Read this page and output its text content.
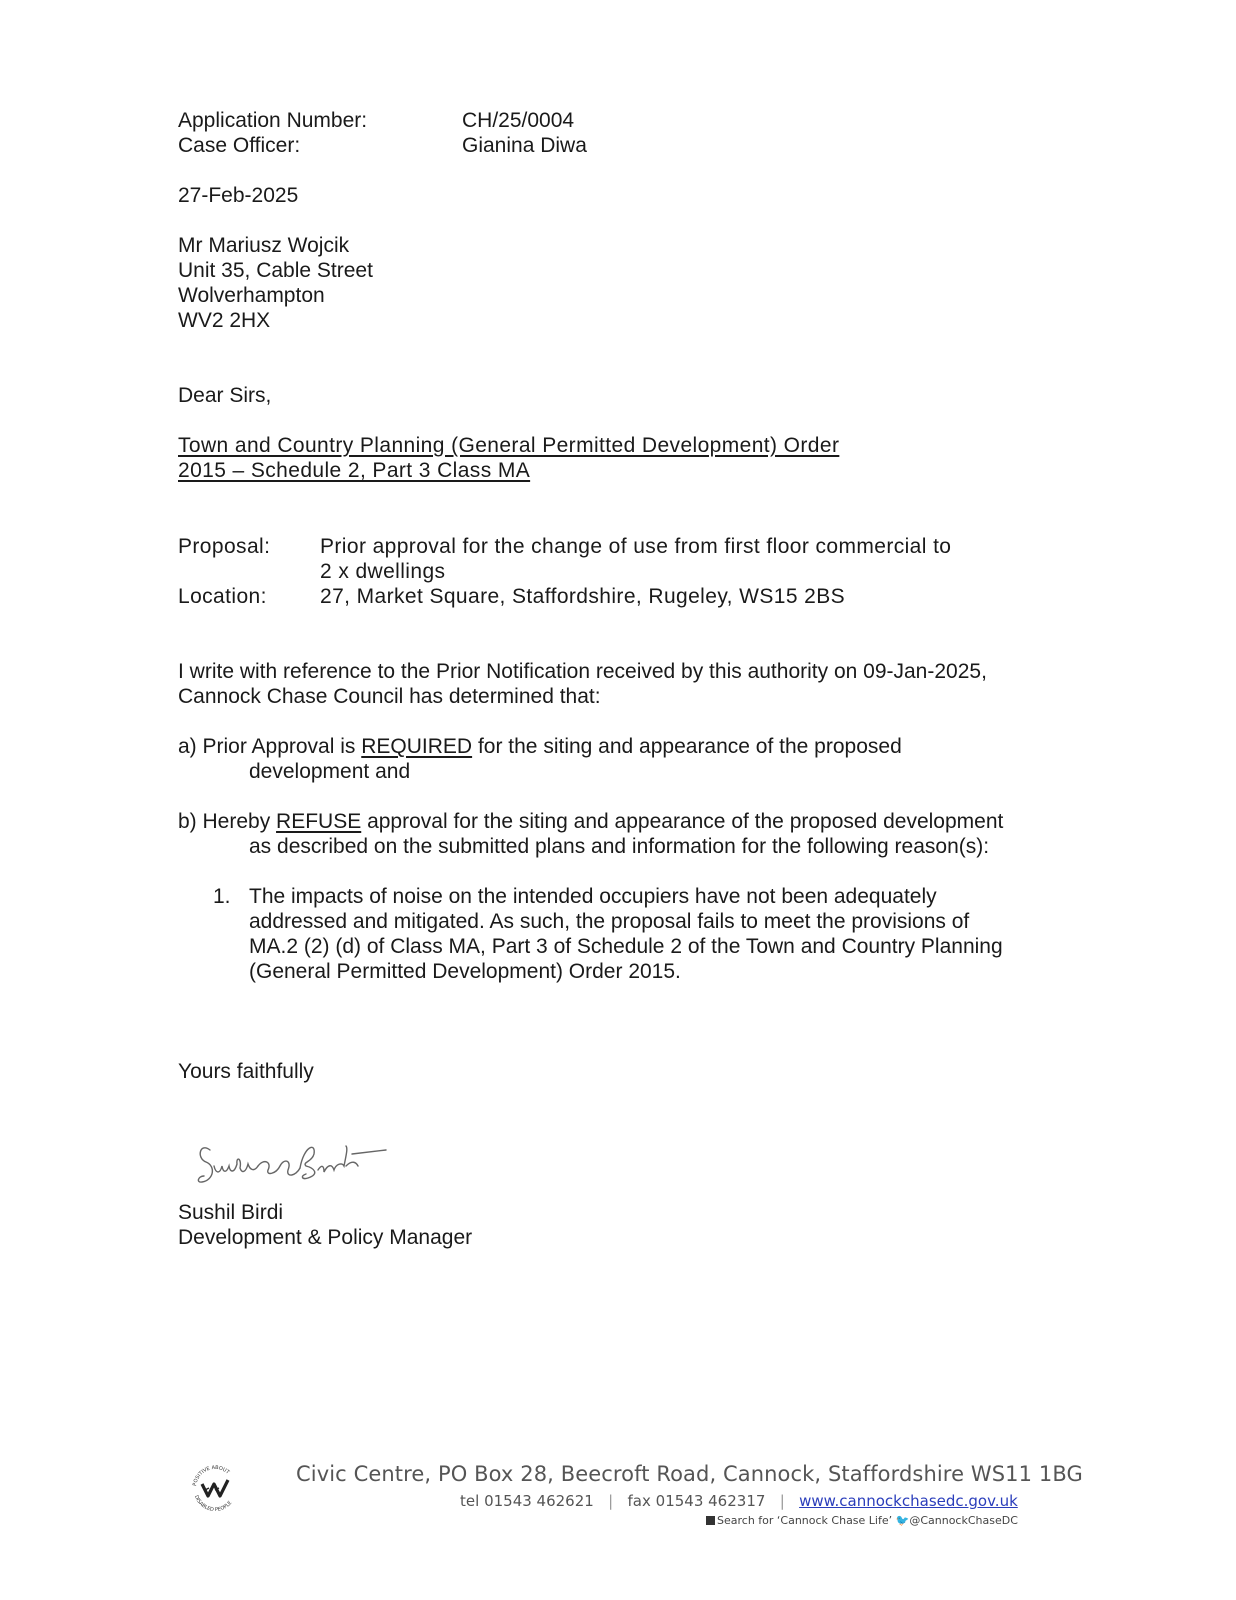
Application Number:	CH/25/0004
Case Officer:	Gianina Diwa
27-Feb-2025
Mr Mariusz Wojcik
Unit 35, Cable Street
Wolverhampton
WV2 2HX
Dear Sirs,
Town and Country Planning (General Permitted Development) Order
2015 – Schedule 2, Part 3 Class MA
Proposal: Prior approval for the change of use from first floor commercial to
2 x dwellings
Location:	27, Market Square, Staffordshire, Rugeley, WS15 2BS
I write with reference to the Prior Notification received by this authority on 09-Jan-2025,
Cannock Chase Council has determined that:
a) Prior Approval is REQUIRED for the siting and appearance of the proposed
development and
b) Hereby REFUSE approval for the siting and appearance of the proposed development
as described on the submitted plans and information for the following reason(s):
1. The impacts of noise on the intended occupiers have not been adequately
addressed and mitigated. As such, the proposal fails to meet the provisions of
MA.2 (2) (d) of Class MA, Part 3 of Schedule 2 of the Town and Country Planning
(General Permitted Development) Order 2015.
Yours faithfully
Sushil Birdi
Development & Policy Manager
POSITIVE ABOUT
DISABLED PEOPLE
Civic Centre, PO Box 28, Beecroft Road, Cannock, Staffordshire WS11 1BG
tel 01543 462621   |   fax 01543 462317   |   www.cannockchasedc.gov.uk
Search for ‘Cannock Chase Life’ 🐦@CannockChaseDC
